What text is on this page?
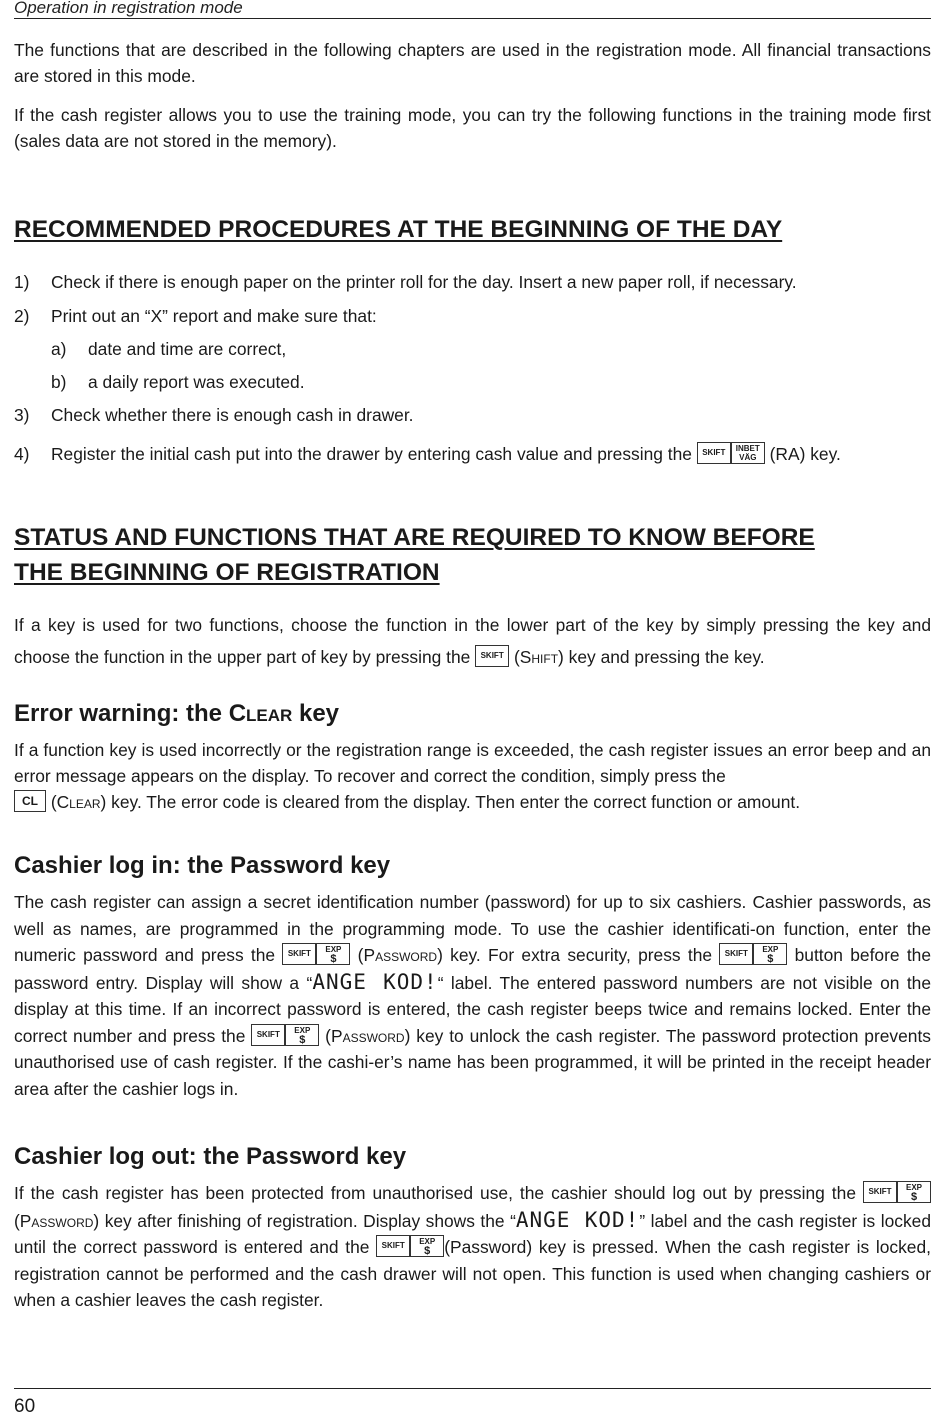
Operation in registration mode

The functions that are described in the following chapters are used in the registration mode. All financial transactions are stored in this mode.

If the cash register allows you to use the training mode, you can try the following functions in the training mode first (sales data are not stored in the memory).

RECOMMENDED PROCEDURES AT THE BEGINNING OF THE DAY
1) Check if there is enough paper on the printer roll for the day. Insert a new paper roll, if necessary.
2) Print out an “X” report and make sure that:
a) date and time are correct,
b) a daily report was executed.
3) Check whether there is enough cash in drawer.
4) Register the initial cash put into the drawer by entering cash value and pressing the SKIFT INBET
VÄG (RA) key.
STATUS AND FUNCTIONS THAT ARE REQUIRED TO KNOW BEFORE
THE BEGINNING OF REGISTRATION

If a key is used for two functions, choose the function in the lower part of the key by simply pressing the key and choose the function in the upper part of key by pressing the SKIFT (Shift) key and pressing the key.

Error warning: the Clear key

If a function key is used incorrectly or the registration range is exceeded, the cash register issues an error beep and an error message appears on the display. To recover and correct the condition, simply press the
CL (Clear) key. The error code is cleared from the display. Then enter the correct function or amount.

Cashier log in: the Password key

The cash register can assign a secret identification number (password) for up to six cashiers. Cashier passwords, as well as names, are programmed in the programming mode. To use the cashier identificati-on function, enter the numeric password and press the SKIFT EXP
$ (Password) key. For extra security, press the SKIFT EXP
$	button before the password entry. Display will show a “ANGE KOD!“ label. The entered password numbers are not visible on the display at this time. If an incorrect password is entered, the cash register beeps twice and remains locked. Enter the correct number and press the SKIFT EXP
$ (Password) key to unlock the cash register. The password protection prevents unauthorised use of cash register. If the cashi-er’s name has been programmed, it will be printed in the receipt header area after the cashier logs in.

Cashier log out: the Password key

If the cash register has been protected from unauthorised use, the cashier should log out by pressing the SKIFT EXP
$
(Password) key after finishing of registration. Display shows the “ANGE KOD!” label and the cash register is locked until the correct password is entered and the SKIFT EXP
$ (Password) key is pressed. When the cash register is locked, registration cannot be performed and the cash drawer will not open. This function is used when changing cashiers or when a cashier leaves the cash register.

60
